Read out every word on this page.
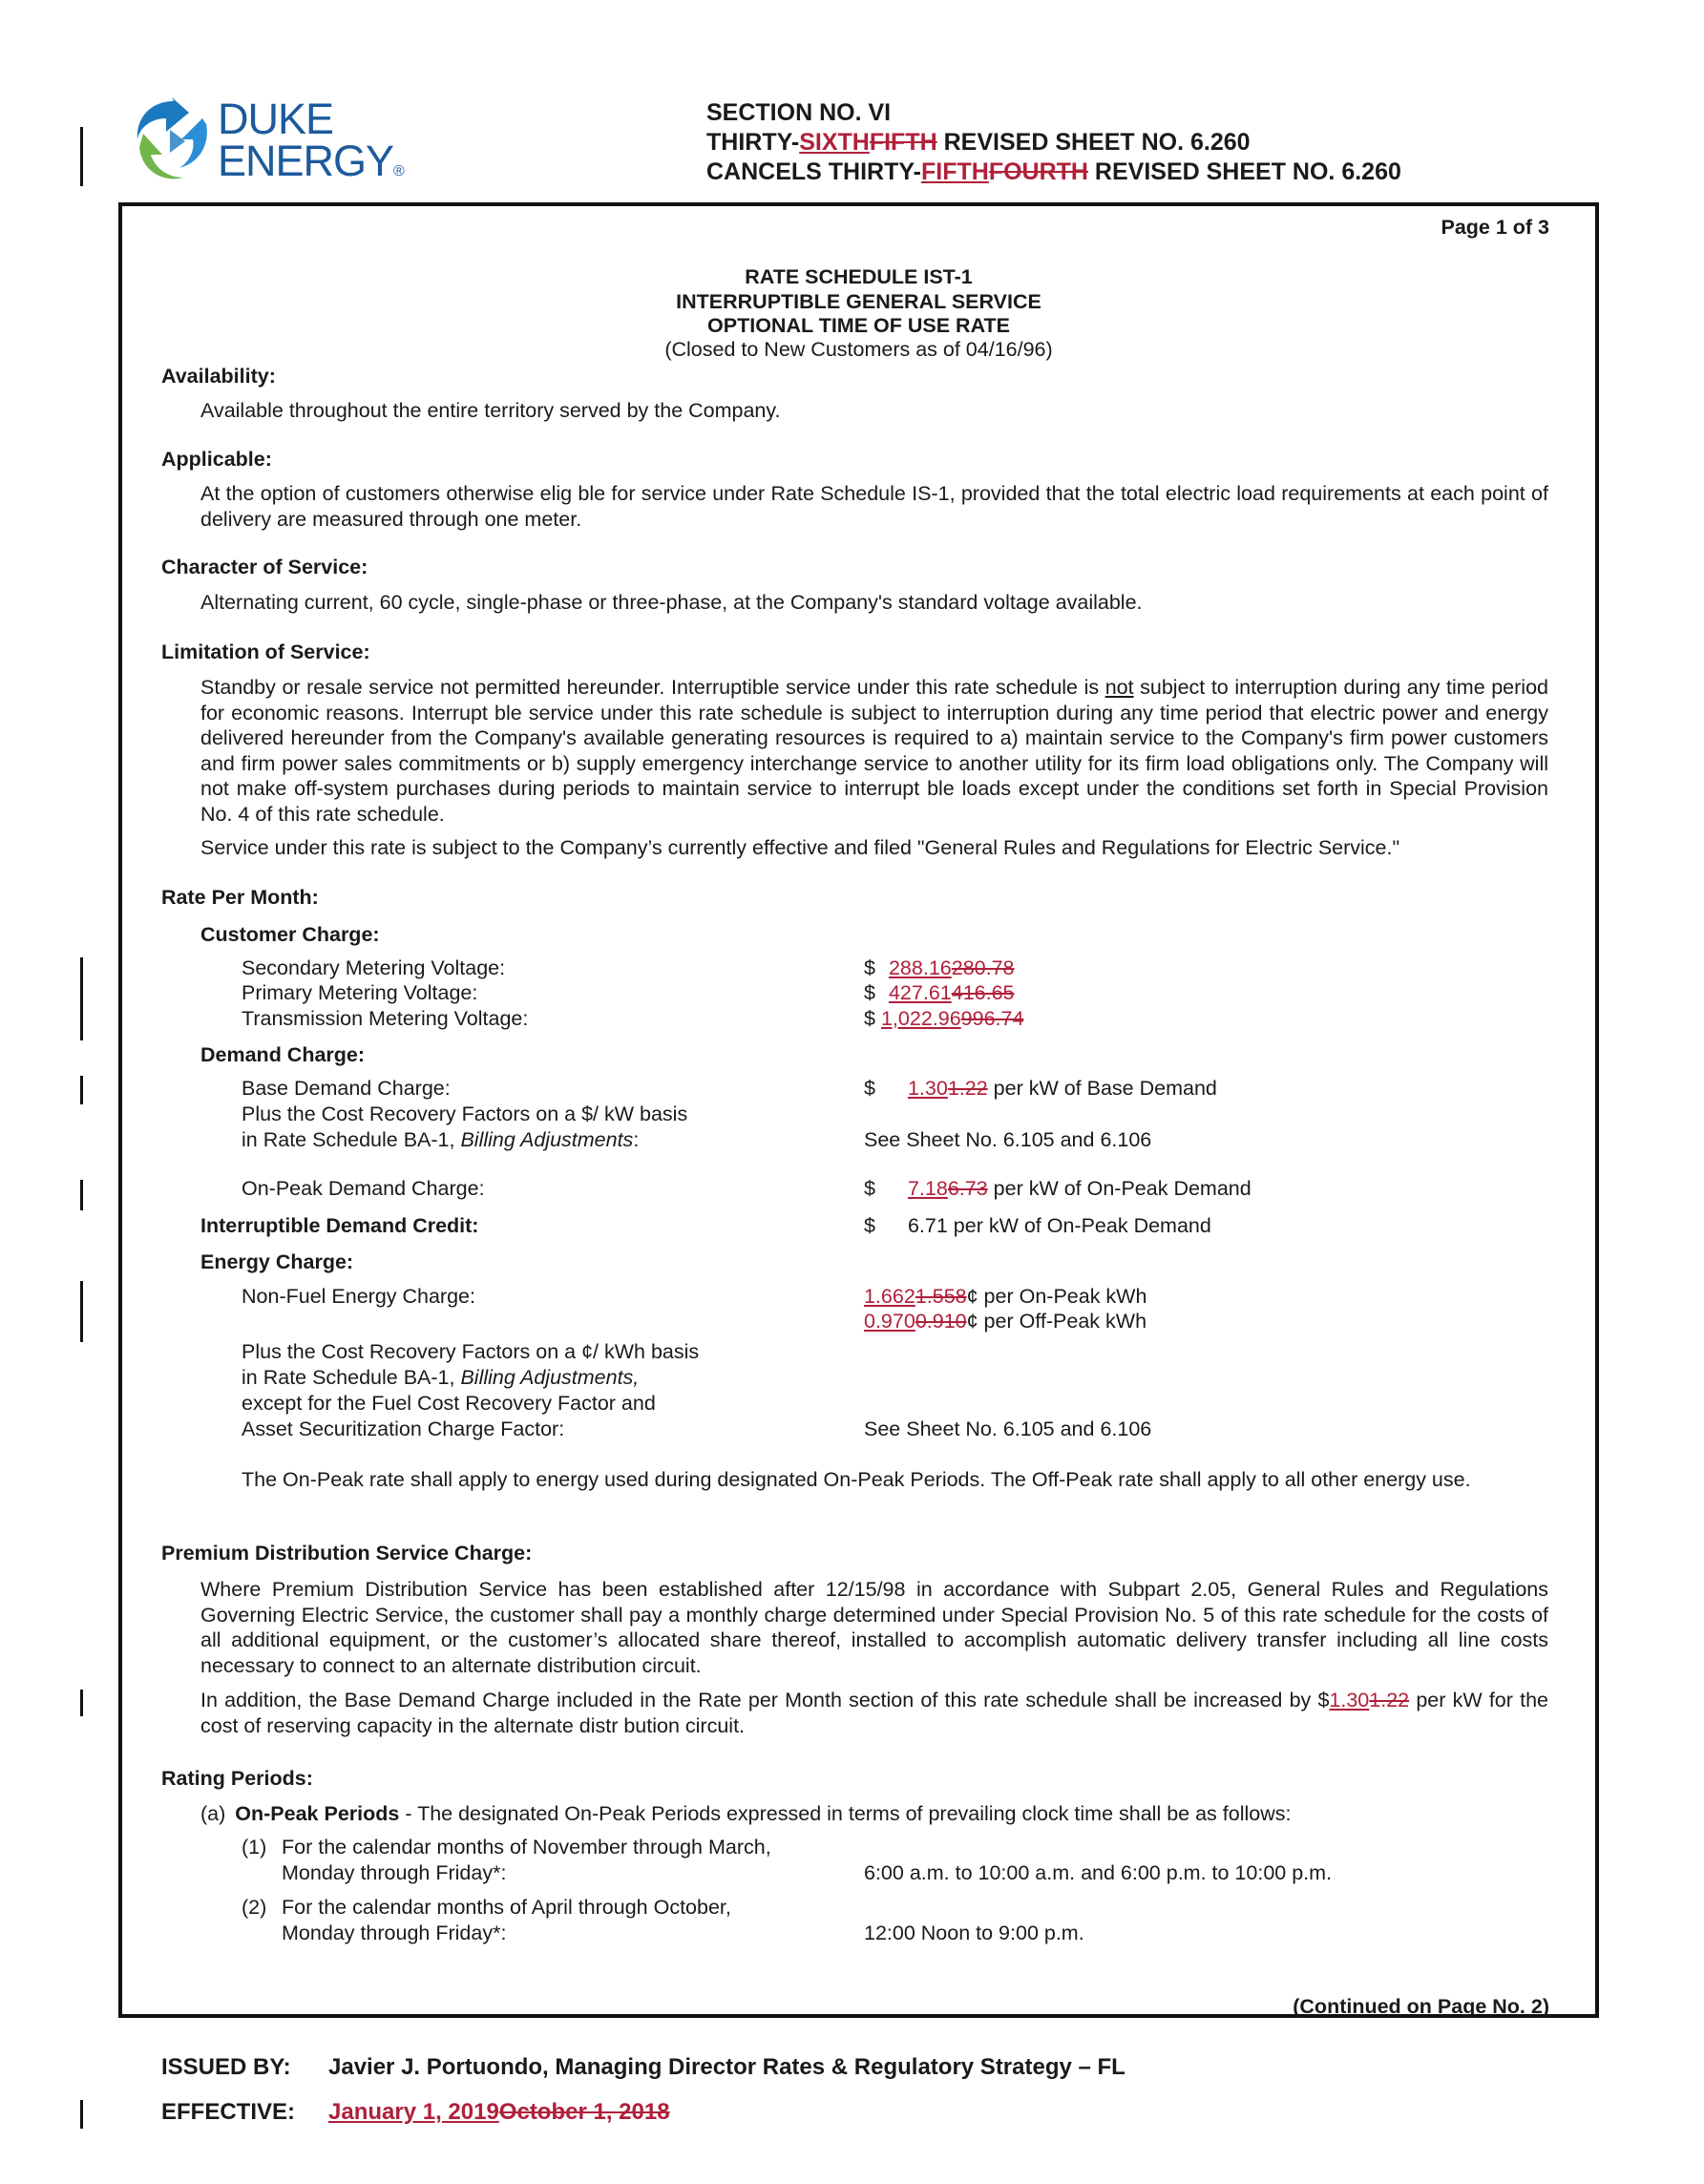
DUKE
ENERGY®
SECTION NO. VI
THIRTY-SIXTHFIFTH REVISED SHEET NO. 6.260
CANCELS THIRTY-FIFTHFOURTH REVISED SHEET NO. 6.260
Page 1 of 3
RATE SCHEDULE IST-1
INTERRUPTIBLE GENERAL SERVICE
OPTIONAL TIME OF USE RATE
(Closed to New Customers as of 04/16/96)
Availability:
Available throughout the entire territory served by the Company.
Applicable:
At the option of customers otherwise elig ble for service under Rate Schedule IS-1, provided that the total electric load requirements at each point of delivery are measured through one meter.
Character of Service:
Alternating current, 60 cycle, single-phase or three-phase, at the Company's standard voltage available.
Limitation of Service:
Standby or resale service not permitted hereunder. Interruptible service under this rate schedule is not subject to interruption during any time period for economic reasons. Interrupt ble service under this rate schedule is subject to interruption during any time period that electric power and energy delivered hereunder from the Company's available generating resources is required to a) maintain service to the Company's firm power customers and firm power sales commitments or b) supply emergency interchange service to another utility for its firm load obligations only. The Company will not make off-system purchases during periods to maintain service to interrupt ble loads except under the conditions set forth in Special Provision No. 4 of this rate schedule.
Service under this rate is subject to the Company’s currently effective and filed "General Rules and Regulations for Electric Service."
Rate Per Month:
Customer Charge:
Secondary Metering Voltage:	$ 288.16280.78
Primary Metering Voltage:	$ 427.61416.65
Transmission Metering Voltage:	$ 1,022.96996.74
Demand Charge:
Base Demand Charge:	$ 1.301.22 per kW of Base Demand
Plus the Cost Recovery Factors on a $/ kW basis
in Rate Schedule BA-1, Billing Adjustments:	See Sheet No. 6.105 and 6.106
On-Peak Demand Charge:	$ 7.186.73 per kW of On-Peak Demand
Interruptible Demand Credit:	$ 6.71 per kW of On-Peak Demand
Energy Charge:
Non-Fuel Energy Charge:	1.6621.558¢ per On-Peak kWh
0.9700.910¢ per Off-Peak kWh
Plus the Cost Recovery Factors on a ¢/ kWh basis
in Rate Schedule BA-1, Billing Adjustments,
except for the Fuel Cost Recovery Factor and
Asset Securitization Charge Factor:	See Sheet No. 6.105 and 6.106
The On-Peak rate shall apply to energy used during designated On-Peak Periods. The Off-Peak rate shall apply to all other energy use.
Premium Distribution Service Charge:
Where Premium Distribution Service has been established after 12/15/98 in accordance with Subpart 2.05, General Rules and Regulations Governing Electric Service, the customer shall pay a monthly charge determined under Special Provision No. 5 of this rate schedule for the costs of all additional equipment, or the customer’s allocated share thereof, installed to accomplish automatic delivery transfer including all line costs necessary to connect to an alternate distribution circuit.
In addition, the Base Demand Charge included in the Rate per Month section of this rate schedule shall be increased by $1.301.22 per kW for the cost of reserving capacity in the alternate distr bution circuit.
Rating Periods:
(a) On-Peak Periods - The designated On-Peak Periods expressed in terms of prevailing clock time shall be as follows:
(1) For the calendar months of November through March,
Monday through Friday*:	6:00 a.m. to 10:00 a.m. and 6:00 p.m. to 10:00 p.m.
(2) For the calendar months of April through October,
Monday through Friday*:	12:00 Noon to 9:00 p.m.
(Continued on Page No. 2)
ISSUED BY: Javier J. Portuondo, Managing Director Rates & Regulatory Strategy – FL
EFFECTIVE: January 1, 2019October 1, 2018
